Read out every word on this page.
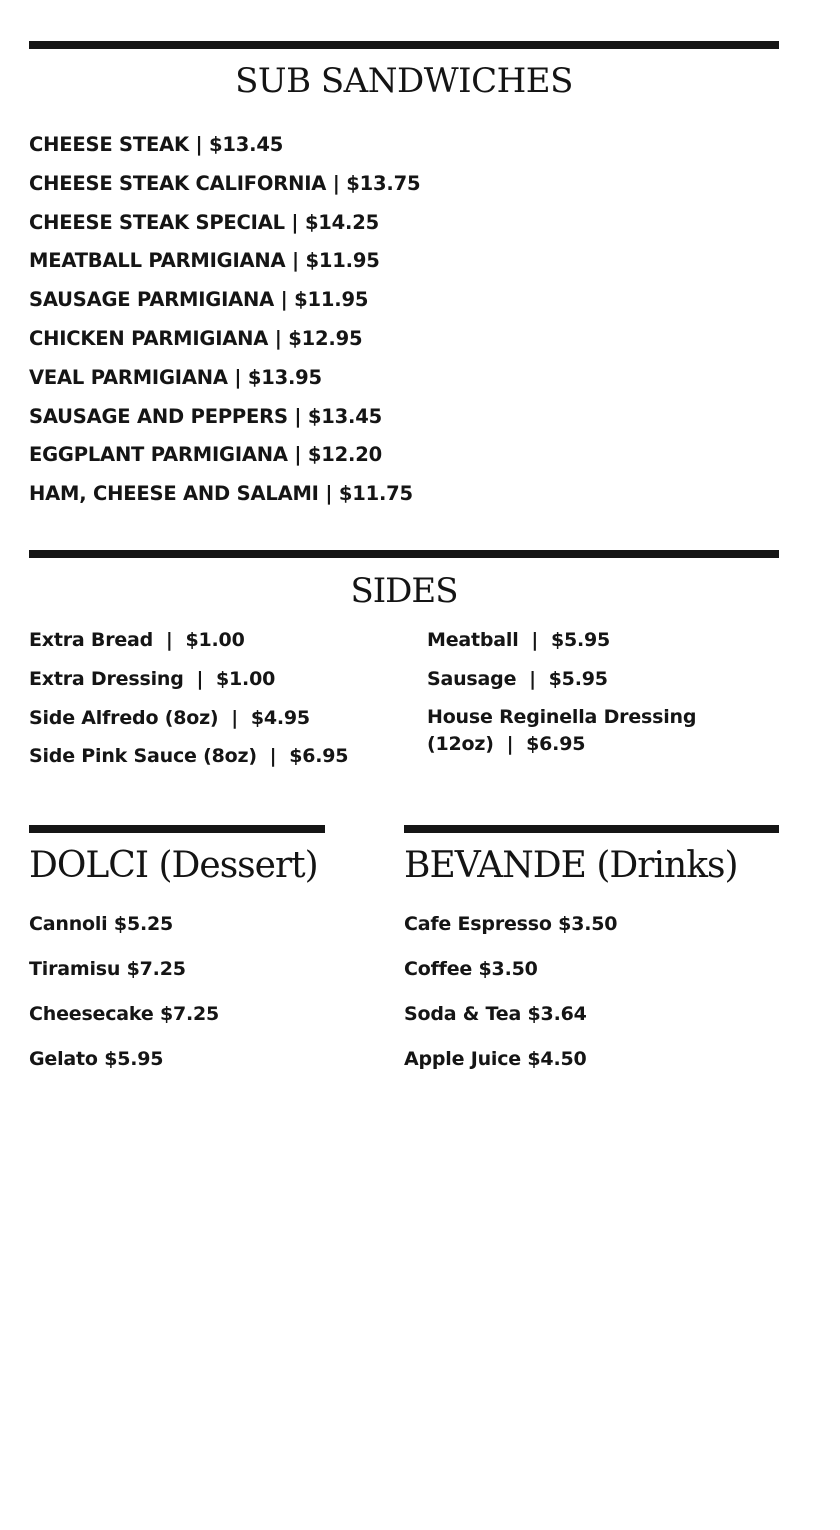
SUB SANDWICHES
CHEESE STEAK | $13.45
CHEESE STEAK CALIFORNIA | $13.75
CHEESE STEAK SPECIAL | $14.25
MEATBALL PARMIGIANA | $11.95
SAUSAGE PARMIGIANA | $11.95
CHICKEN PARMIGIANA | $12.95
VEAL PARMIGIANA | $13.95
SAUSAGE AND PEPPERS | $13.45
EGGPLANT PARMIGIANA | $12.20
HAM, CHEESE AND SALAMI | $11.75
SIDES
Extra Bread  |  $1.00
Extra Dressing  |  $1.00
Side Alfredo (8oz)  |  $4.95
Side Pink Sauce (8oz)  |  $6.95
Meatball  |  $5.95
Sausage  |  $5.95
House Reginella Dressing (12oz)  |  $6.95
DOLCI (Dessert)
Cannoli $5.25
Tiramisu $7.25
Cheesecake $7.25
Gelato $5.95
BEVANDE (Drinks)
Cafe Espresso $3.50
Coffee $3.50
Soda & Tea $3.64
Apple Juice $4.50
